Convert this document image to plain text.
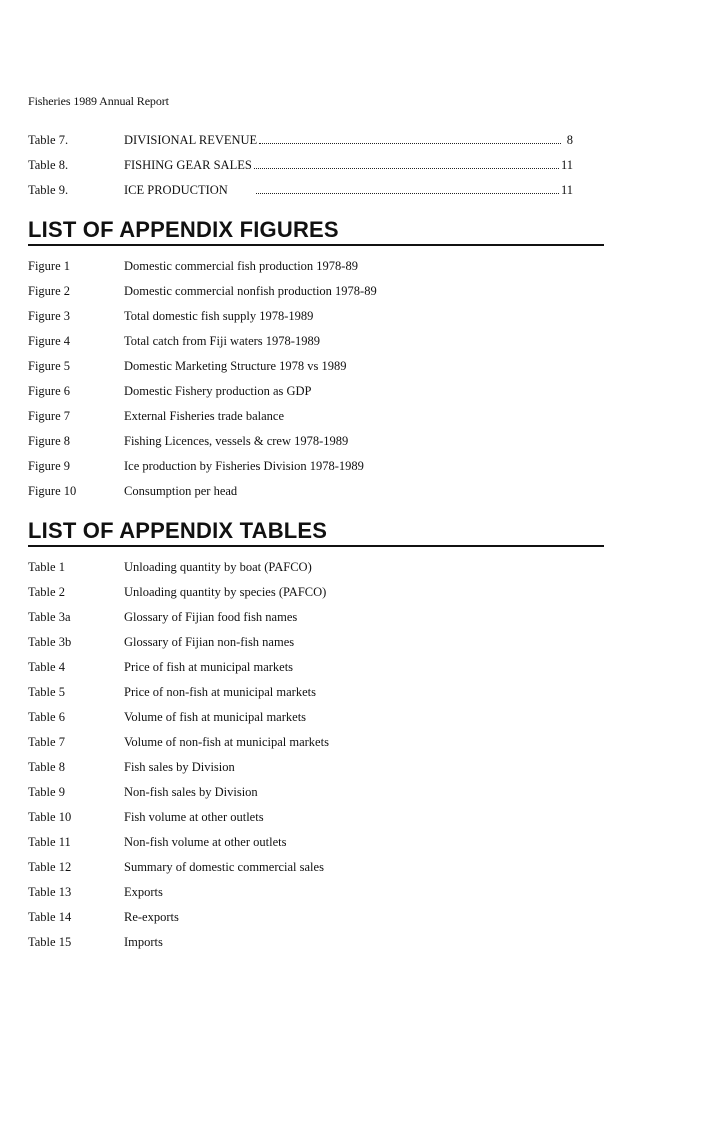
Fisheries 1989 Annual Report
Table 7.	DIVISIONAL REVENUE	8
Table 8.	FISHING GEAR SALES	11
Table 9.	ICE PRODUCTION	11
LIST OF APPENDIX FIGURES
Figure 1	Domestic commercial fish production 1978-89
Figure 2	Domestic commercial nonfish production 1978-89
Figure 3	Total domestic fish supply 1978-1989
Figure 4	Total catch from Fiji waters 1978-1989
Figure 5	Domestic Marketing Structure 1978 vs 1989
Figure 6	Domestic Fishery production as GDP
Figure 7	External Fisheries trade balance
Figure 8	Fishing Licences, vessels & crew 1978-1989
Figure 9	Ice production by Fisheries Division 1978-1989
Figure 10	Consumption per head
LIST OF APPENDIX TABLES
Table 1	Unloading quantity by boat (PAFCO)
Table 2	Unloading quantity by species (PAFCO)
Table 3a	Glossary of Fijian food fish names
Table 3b	Glossary of Fijian non-fish names
Table 4	Price of fish at municipal markets
Table 5	Price of non-fish at municipal markets
Table 6	Volume of fish at municipal markets
Table 7	Volume of non-fish at municipal markets
Table 8	Fish sales by Division
Table 9	Non-fish sales by Division
Table 10	Fish volume at other outlets
Table 11	Non-fish volume at other outlets
Table 12	Summary of domestic commercial sales
Table 13	Exports
Table 14	Re-exports
Table 15	Imports
